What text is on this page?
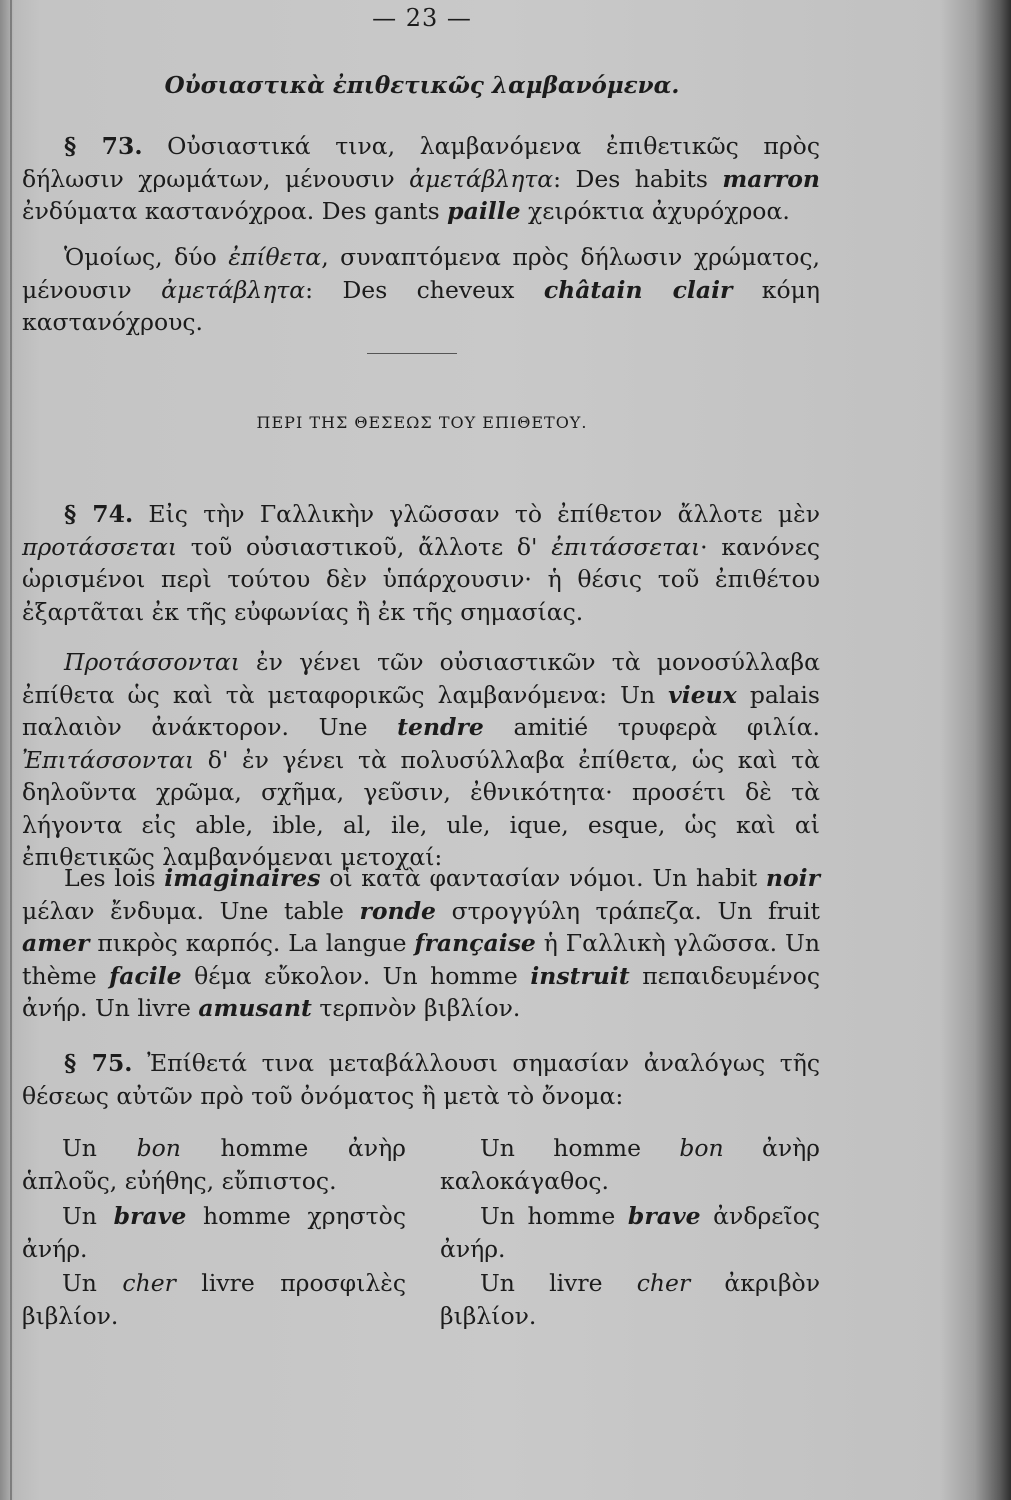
— 23 —
Οὐσιαστικὰ ἐπιθετικῶς λαμβανόμενα.
§ 73. Οὐσιαστικά τινα, λαμβανόμενα ἐπιθετικῶς πρὸς δήλωσιν χρωμάτων, μένουσιν ἀμετάβλητα: Des habits marron ἐνδύματα καστανόχροα. Des gants paille χειρόκτια ἀχυρόχροα.
Ὁμοίως, δύο ἐπίθετα, συναπτόμενα πρὸς δήλωσιν χρώματος, μένουσιν ἀμετάβλητα: Des cheveux châtain clair κόμη καστανόχρους.
ΠΕΡΙ ΤΗΣ ΘΕΣΕΩΣ ΤΟΥ ΕΠΙΘΕΤΟΥ.
§ 74. Εἰς τὴν Γαλλικὴν γλῶσσαν τὸ ἐπίθετον ἄλλοτε μὲν προτάσσεται τοῦ οὐσιαστικοῦ, ἄλλοτε δ' ἐπιτάσσεται· κανόνες ὡρισμένοι περὶ τούτου δὲν ὑπάρχουσιν· ἡ θέσις τοῦ ἐπιθέτου ἐξαρτᾶται ἐκ τῆς εὐφωνίας ἢ ἐκ τῆς σημασίας.
Προτάσσονται ἐν γένει τῶν οὐσιαστικῶν τὰ μονοσύλλαβα ἐπίθετα ὡς καὶ τὰ μεταφορικῶς λαμβανόμενα: Un vieux palais παλαιὸν ἀνάκτορον. Une tendre amitié τρυφερὰ φιλία. Ἐπιτάσσονται δ' ἐν γένει τὰ πολυσύλλαβα ἐπίθετα, ὡς καὶ τὰ δηλοῦντα χρῶμα, σχῆμα, γεῦσιν, ἐθνικότητα· προσέτι δὲ τὰ λήγοντα εἰς able, ible, al, ile, ule, ique, esque, ὡς καὶ αἱ ἐπιθετικῶς λαμβανόμεναι μετοχαί:
Les lois imaginaires οἱ κατὰ φαντασίαν νόμοι. Un habit noir μέλαν ἔνδυμα. Une table ronde στρογγύλη τράπεζα. Un fruit amer πικρὸς καρπός. La langue française ἡ Γαλλικὴ γλῶσσα. Un thème facile θέμα εὔκολον. Un homme instruit πεπαιδευμένος ἀνήρ. Un livre amusant τερπνὸν βιβλίον.
§ 75. Ἐπίθετά τινα μεταβάλλουσι σημασίαν ἀναλόγως τῆς θέσεως αὐτῶν πρὸ τοῦ ὀνόματος ἢ μετὰ τὸ ὄνομα:
Un bon homme ἀνὴρ ἁπλοῦς, εὐήθης, εὔπιστος.
Un homme bon ἀνὴρ καλοκάγαθος.
Un brave homme χρηστὸς ἀνήρ.
Un homme brave ἀνδρεῖος ἀνήρ.
Un cher livre προσφιλὲς βιβλίον.
Un livre cher ἀκριβὸν βιβλίον.
